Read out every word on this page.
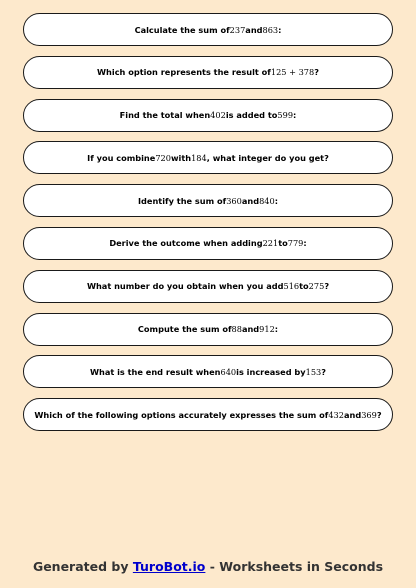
Calculate the sum of 237 and 863 :
Which option represents the result of 125 + 378 ?
Find the total when 402 is added to 599 :
If you combine 720 with 184 , what integer do you get?
Identify the sum of 360 and 840 :
Derive the outcome when adding 221 to 779 :
What number do you obtain when you add 516 to 275 ?
Compute the sum of 88 and 912 :
What is the end result when 640 is increased by 153 ?
Which of the following options accurately expresses the sum of 432 and 369 ?
Generated by TuroBot.io - Worksheets in Seconds
